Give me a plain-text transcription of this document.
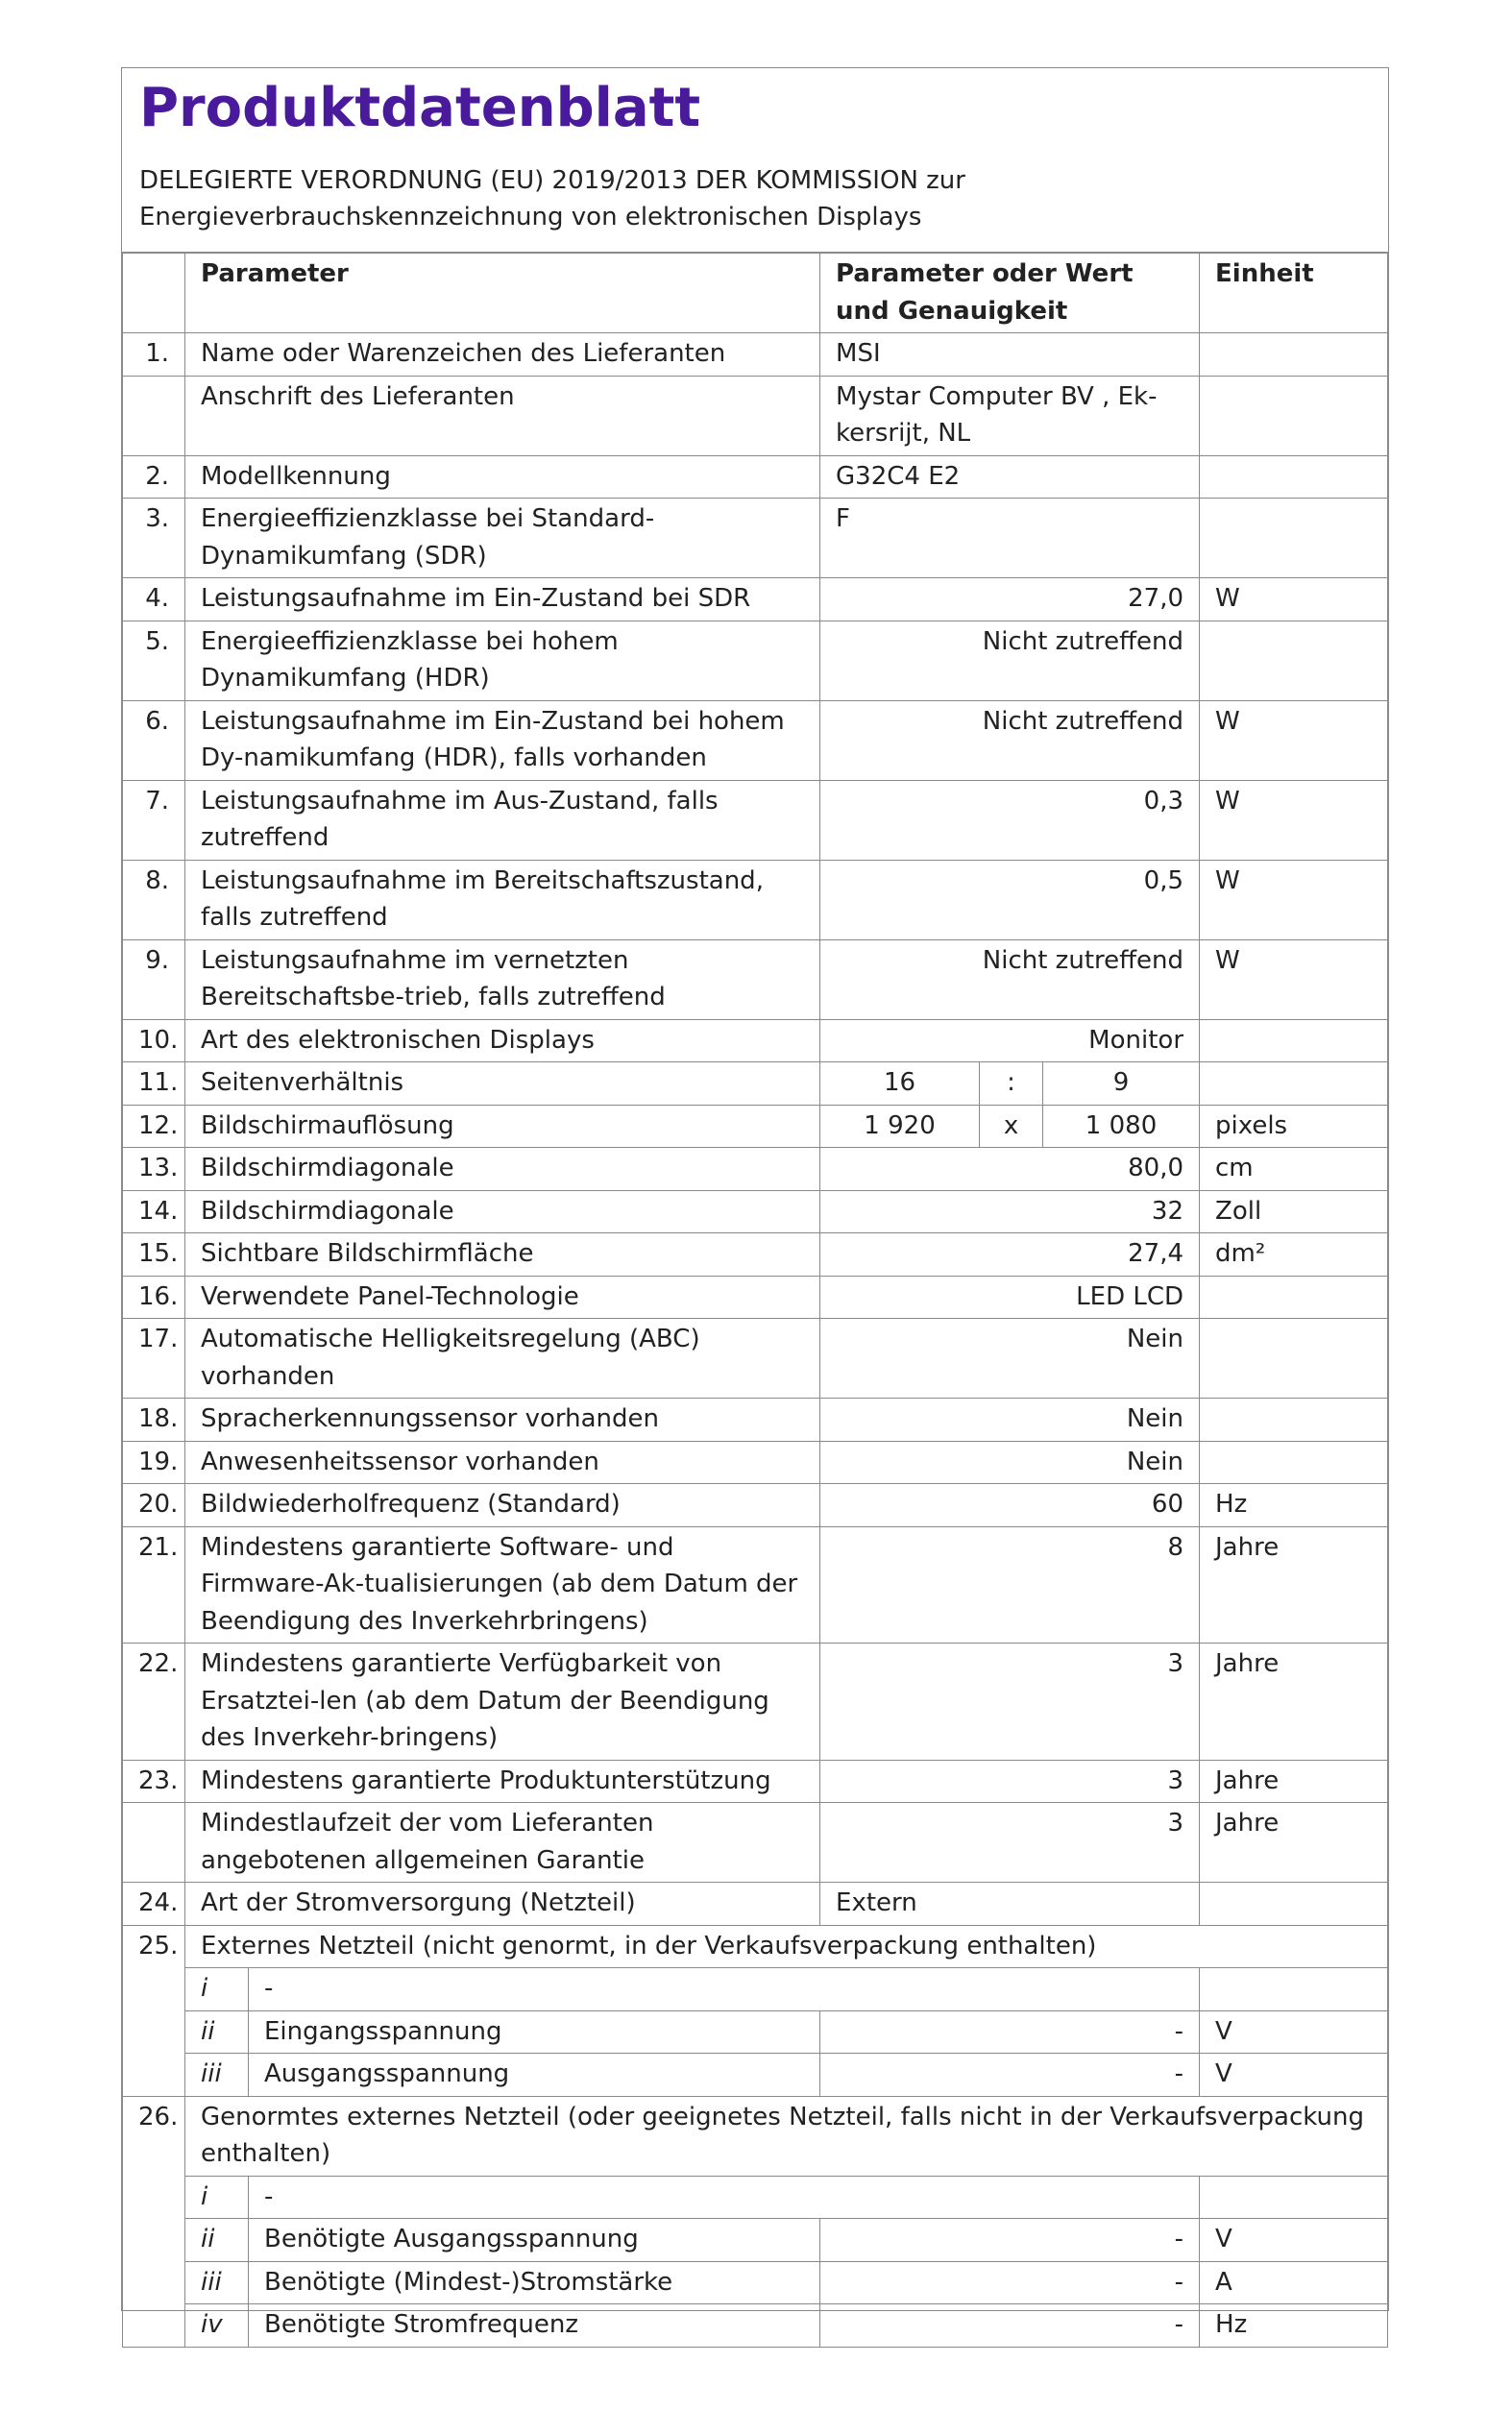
Produktdatenblatt
DELEGIERTE VERORDNUNG (EU) 2019/2013 DER KOMMISSION zur
Energieverbrauchskennzeichnung von elektronischen Displays
	Parameter		Parameter oder Wert und Genauigkeit			Einheit
1.	Name oder Warenzeichen des Lieferanten		MSI			
	Anschrift des Lieferanten		Mystar Computer BV , Ek-kersrijt, NL			
2.	Modellkennung		G32C4 E2			
3.	Energieeffizienzklasse bei Standard-Dynamikumfang (SDR)		F			
4.	Leistungsaufnahme im Ein-Zustand bei SDR		27,0			W
5.	Energieeffizienzklasse bei hohem Dynamikumfang (HDR)		Nicht zutreffend			
6.	Leistungsaufnahme im Ein-Zustand bei hohem Dy-namikumfang (HDR), falls vorhanden		Nicht zutreffend			W
7.	Leistungsaufnahme im Aus-Zustand, falls zutreffend		0,3			W
8.	Leistungsaufnahme im Bereitschaftszustand, falls zutreffend		0,5			W
9.	Leistungsaufnahme im vernetzten Bereitschaftsbe-trieb, falls zutreffend		Nicht zutreffend			W
10.	Art des elektronischen Displays		Monitor			
11.	Seitenverhältnis		16	:	9	
12.	Bildschirmauflösung		1 920	x	1 080	pixels
13.	Bildschirmdiagonale		80,0			cm
14.	Bildschirmdiagonale		32			Zoll
15.	Sichtbare Bildschirmfläche		27,4			dm²
16.	Verwendete Panel-Technologie		LED LCD			
17.	Automatische Helligkeitsregelung (ABC) vorhanden		Nein			
18.	Spracherkennungssensor vorhanden		Nein			
19.	Anwesenheitssensor vorhanden		Nein			
20.	Bildwiederholfrequenz (Standard)		60			Hz
21.	Mindestens garantierte Software- und Firmware-Ak-tualisierungen (ab dem Datum der Beendigung des Inverkehrbringens)		8			Jahre
22.	Mindestens garantierte Verfügbarkeit von Ersatztei-len (ab dem Datum der Beendigung des Inverkehr-bringens)		3			Jahre
23.	Mindestens garantierte Produktunterstützung		3			Jahre
	Mindestlaufzeit der vom Lieferanten angebotenen allgemeinen Garantie		3			Jahre
24.	Art der Stromversorgung (Netzteil)		Extern			
25.	Externes Netzteil (nicht genormt, in der Verkaufsverpackung enthalten)					
	i	-				
	ii	Eingangsspannung	-			V
	iii	Ausgangsspannung	-			V
26.	Genormtes externes Netzteil (oder geeignetes Netzteil, falls nicht in der Verkaufsverpackung enthalten)					
	i	-				
	ii	Benötigte Ausgangsspannung	-			V
	iii	Benötigte (Mindest-)Stromstärke	-			A
	iv	Benötigte Stromfrequenz	-			Hz
